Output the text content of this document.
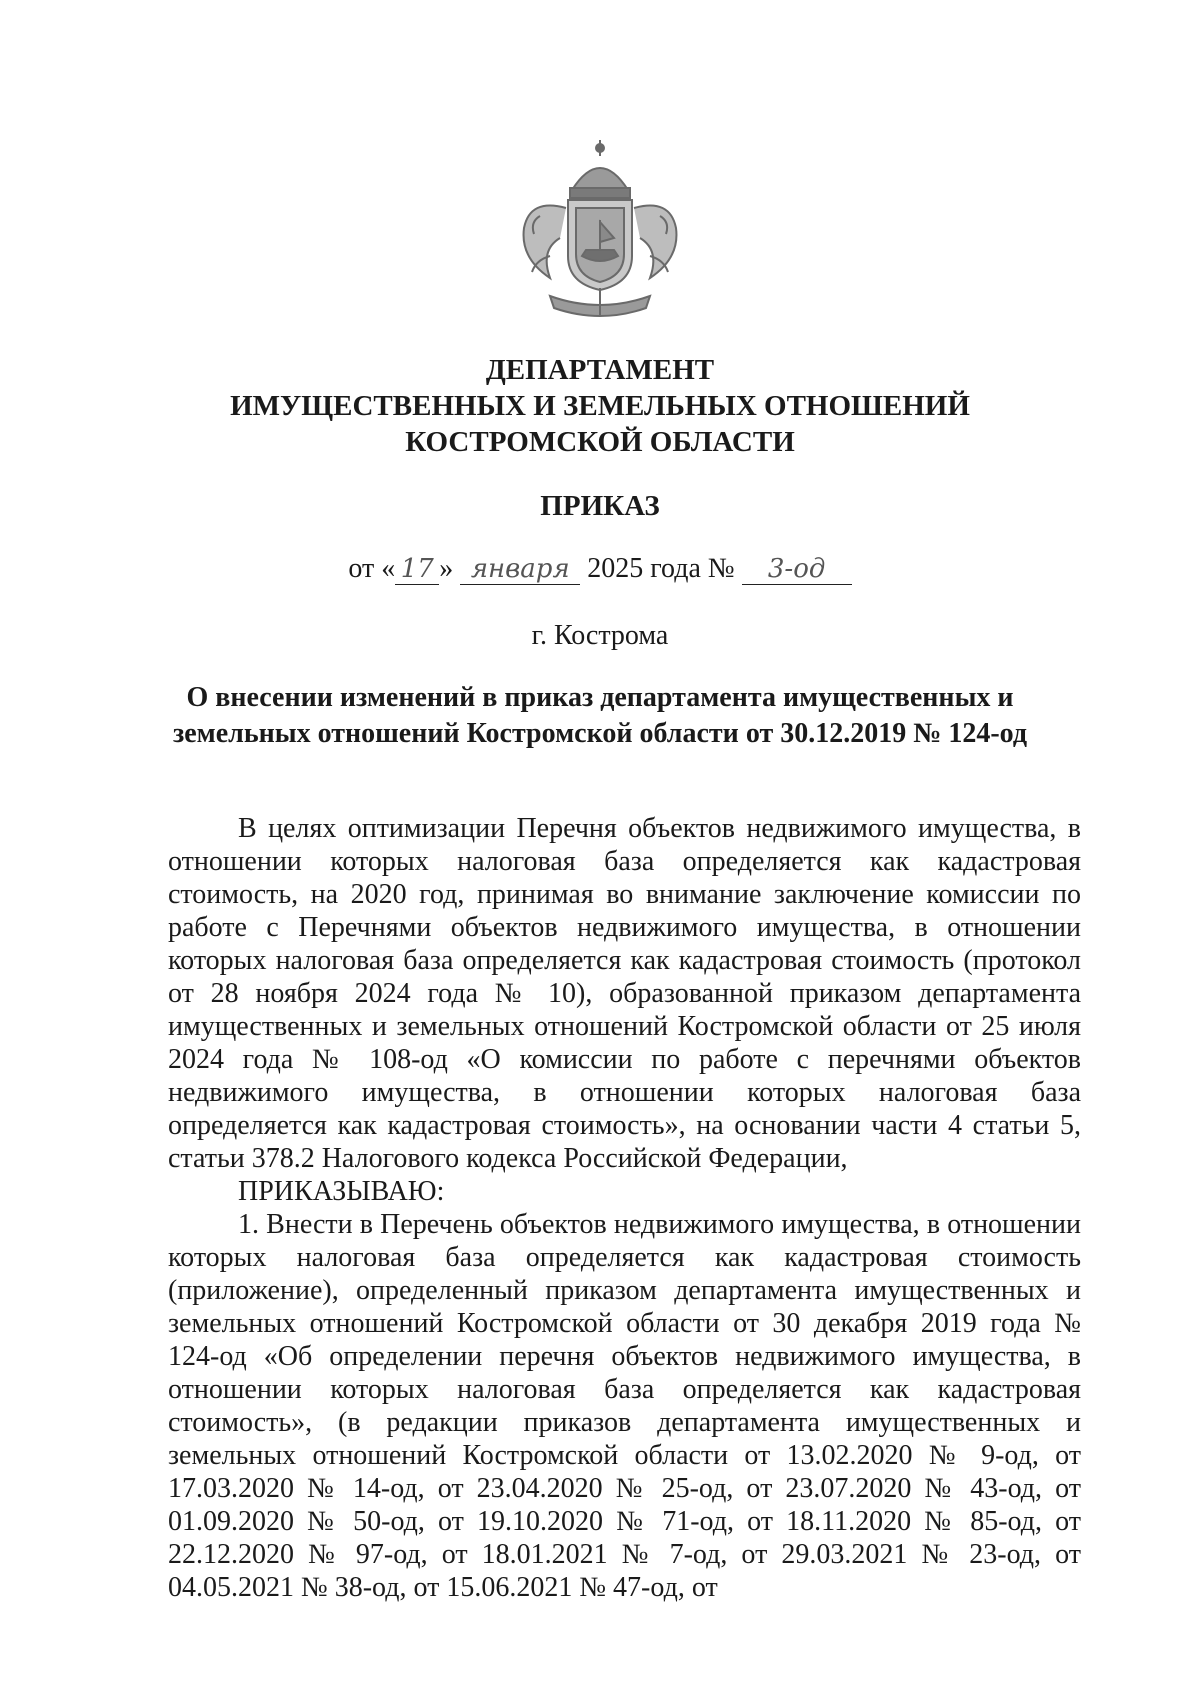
ДЕПАРТАМЕНТ
ИМУЩЕСТВЕННЫХ И ЗЕМЕЛЬНЫХ ОТНОШЕНИЙ
КОСТРОМСКОЙ ОБЛАСТИ
ПРИКАЗ
от « 17 » января 2025 года № 3-од
г. Кострома
О внесении изменений в приказ департамента имущественных и
земельных отношений Костромской области от 30.12.2019 № 124-од

В целях оптимизации Перечня объектов недвижимого имущества, в отношении которых налоговая база определяется как кадастровая стоимость, на 2020 год, принимая во внимание заключение комиссии по работе с Перечнями объектов недвижимого имущества, в отношении которых налоговая база определяется как кадастровая стоимость (протокол от 28 ноября 2024 года № 10), образованной приказом департамента имущественных и земельных отношений Костромской области от 25 июля 2024 года № 108-од «О комиссии по работе с перечнями объектов недвижимого имущества, в отношении которых налоговая база определяется как кадастровая стоимость», на основании части 4 статьи 5, статьи 378.2 Налогового кодекса Российской Федерации,

ПРИКАЗЫВАЮ:

1. Внести в Перечень объектов недвижимого имущества, в отношении которых налоговая база определяется как кадастровая стоимость (приложение), определенный приказом департамента имущественных и земельных отношений Костромской области от 30 декабря 2019 года № 124-од «Об определении перечня объектов недвижимого имущества, в отношении которых налоговая база определяется как кадастровая стоимость», (в редакции приказов департамента имущественных и земельных отношений Костромской области от 13.02.2020 № 9-од, от 17.03.2020 № 14-од, от 23.04.2020 № 25-од, от 23.07.2020 № 43-од, от 01.09.2020 № 50-од, от 19.10.2020 № 71-од, от 18.11.2020 № 85-од, от 22.12.2020 № 97-од, от 18.01.2021 № 7-од, от 29.03.2021 № 23-од, от 04.05.2021 № 38-од, от 15.06.2021 № 47-од, от
